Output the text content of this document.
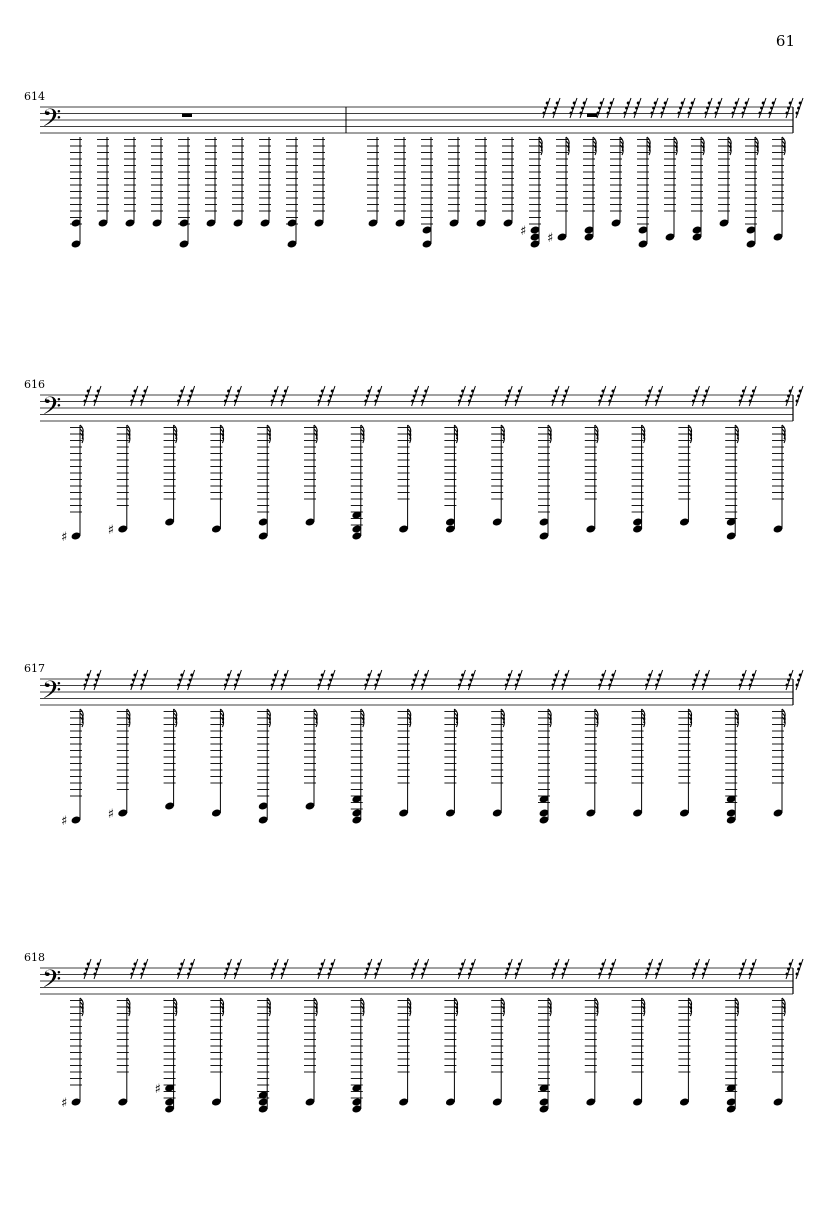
61
614
𝄢
♯ ♯
616
𝄢
♯	♯
617
𝄢
♯	♯
618
𝄢
♯
♯
